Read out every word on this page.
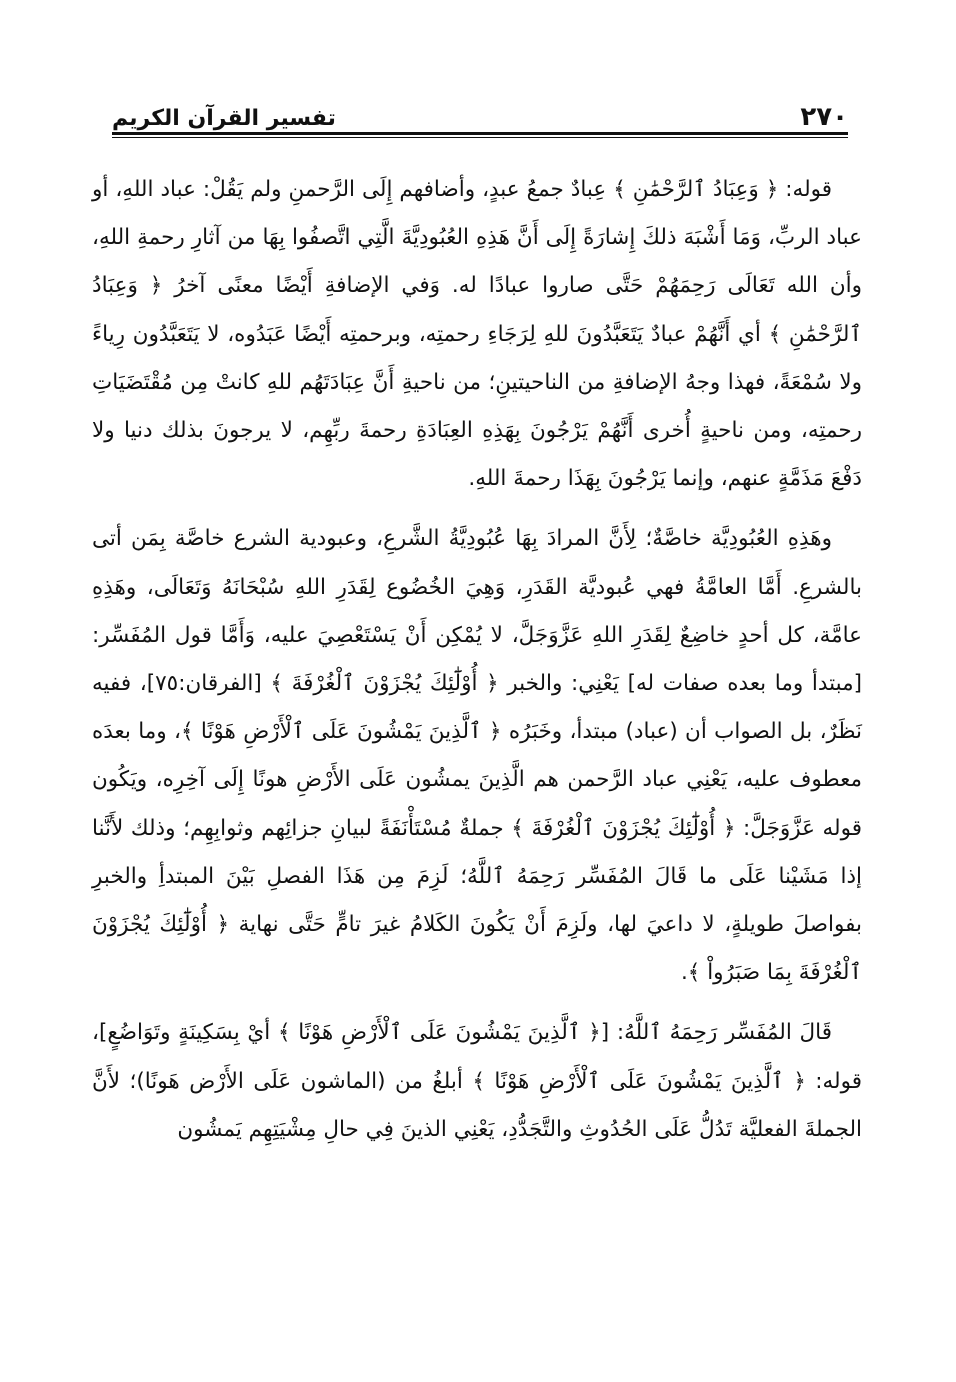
٢٧٠
تفسير القرآن الكريم

قوله: ﴿ وَعِبَادُ ٱلرَّحْمَٰنِ ﴾ عِبادٌ جمعُ عبدٍ، وأضافهم إِلَى الرَّحمنِ ولم يَقُلْ: عباد اللهِ، أو عباد الربِّ، وَمَا أَشْبَهَ ذلكَ إِشارَةً إِلَى أَنَّ هَذِهِ العُبُودِيَّةَ الَّتِي اتَّصفُوا بِهَا من آثارِ رحمةِ اللهِ، وأن الله تَعَالَى رَحِمَهُمْ حَتَّى صاروا عبادًا له. وَفي الإضافةِ أَيْضًا معنًى آخرُ ﴿ وَعِبَادُ ٱلرَّحْمَٰنِ ﴾ أي أَنَّهُمْ عبادٌ يَتَعَبَّدُونَ للهِ لِرَجَاءِ رحمتِه، وبرحمتِه أَيْضًا عَبَدُوه، لا يَتَعَبَّدُون رِياءً ولا سُمْعَةً، فهذا وجهُ الإضافةِ من الناحيتينِ؛ من ناحيةِ أَنَّ عِبَادَتَهُم للهِ كانتْ مِن مُقْتَضَيَاتِ رحمتِه، ومن ناحيةٍ أُخرى أَنَّهُمْ يَرْجُونَ بِهَذِهِ العِبَادَةِ رحمةَ ربِّهِم، لا يرجونَ بذلك دنيا ولا دَفْعَ مَذَمَّةٍ عنهم، وإنما يَرْجُونَ بِهَذَا رحمةَ اللهِ.

وهَذِهِ العُبُودِيَّة خاصَّةٌ؛ لِأَنَّ المرادَ بِهَا عُبُودِيَّةُ الشَّرعِ، وعبودية الشرع خاصَّة بِمَن أتى بالشرعِ. أَمَّا العامَّةُ فهي عُبوديَّة القَدَرِ، وَهِيَ الخُضُوع لِقَدَرِ اللهِ سُبْحَانَهُ وَتَعَالَى، وهَذِهِ عامَّة، كل أحدٍ خاضِعٌ لِقَدَرِ اللهِ عَزَّوَجَلَّ، لا يُمْكِن أَنْ يَسْتَعْصِيَ عليه، وَأَمَّا قول المُفَسِّر: [مبتدأ وما بعده صفات له] يَعْنِي: والخبر ﴿ أُوْلَٰٓئِكَ يُجْزَوْنَ ٱلْغُرْفَةَ ﴾ [الفرقان:٧٥]، ففيه نَظَرٌ، بل الصواب أن (عباد) مبتدأ، وخَبَرُه ﴿ ٱلَّذِينَ يَمْشُونَ عَلَى ٱلْأَرْضِ هَوْنًا ﴾، وما بعدَه معطوف عليه، يَعْنِي عباد الرَّحمن هم الَّذِينَ يمشُون عَلَى الأَرْضِ هونًا إِلَى آخِرِه، ويَكُون قوله عَزَّوَجَلَّ: ﴿ أُوْلَٰٓئِكَ يُجْزَوْنَ ٱلْغُرْفَةَ ﴾ جملةٌ مُسْتَأْنَفَةً لبيانِ جزائِهم وثوابِهِم؛ وذلك لأَنَّنا إذا مَشَيْنا عَلَى ما قَالَ المُفَسِّر رَحِمَهُ ٱللَّهُ؛ لَزِمَ مِن هَذَا الفصلِ بَيْنَ المبتدأِ والخبرِ بفواصلَ طويلةٍ، لا داعيَ لها، ولَزِمَ أَنْ يَكُونَ الكَلامُ غيرَ تامٍّ حَتَّى نهاية ﴿ أُوْلَٰٓئِكَ يُجْزَوْنَ ٱلْغُرْفَةَ بِمَا صَبَرُواْ ﴾.

قَالَ المُفَسِّر رَحِمَهُ ٱللَّهُ: [﴿ ٱلَّذِينَ يَمْشُونَ عَلَى ٱلْأَرْضِ هَوْنًا ﴾ أيْ بِسَكِينَةٍ وتَوَاضُعٍ]، قوله: ﴿ ٱلَّذِينَ يَمْشُونَ عَلَى ٱلْأَرْضِ هَوْنًا ﴾ أبلغُ من (الماشون عَلَى الأَرْض هَونًا)؛ لأَنَّ الجملةَ الفعليَّة تَدُلُّ عَلَى الحُدُوثِ والتَّجَدُّدِ، يَعْنِي الذينَ فِي حالِ مِشْيَتِهِم يَمشُون
